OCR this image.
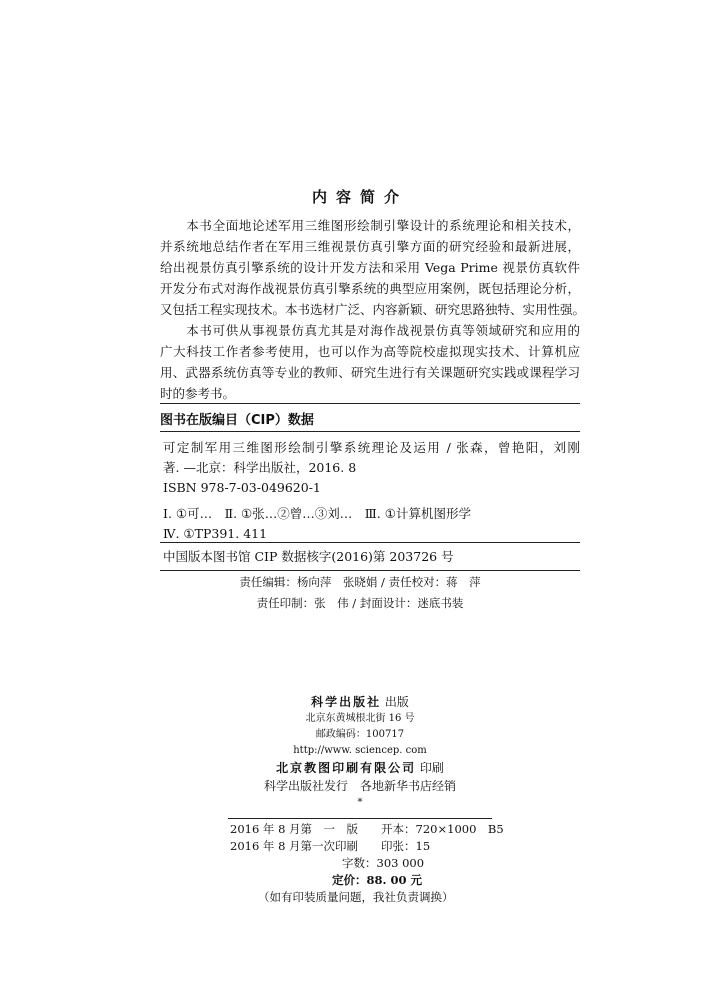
内容简介
　　本书全面地论述军用三维图形绘制引擎设计的系统理论和相关技术，
并系统地总结作者在军用三维视景仿真引擎方面的研究经验和最新进展，
给出视景仿真引擎系统的设计开发方法和采用 Vega Prime 视景仿真软件
开发分布式对海作战视景仿真引擎系统的典型应用案例，既包括理论分析，
又包括工程实现技术。本书选材广泛、内容新颖、研究思路独特、实用性强。
　　本书可供从事视景仿真尤其是对海作战视景仿真等领域研究和应用的
广大科技工作者参考使用，也可以作为高等院校虚拟现实技术、计算机应
用、武器系统仿真等专业的教师、研究生进行有关课题研究实践或课程学习
时的参考书。
图书在版编目（CIP）数据
可定制军用三维图形绘制引擎系统理论及运用 / 张森，曾艳阳，刘刚
著. —北京：科学出版社，2016. 8
ISBN 978-7-03-049620-1
Ⅰ. ①可…　Ⅱ. ①张…②曾…③刘…　Ⅲ. ①计算机图形学
Ⅳ. ①TP391. 411
中国版本图书馆 CIP 数据核字(2016)第 203726 号
责任编辑：杨向萍　张晓娟 / 责任校对：蒋　萍
责任印制：张　伟 / 封面设计：迷底书装
科学出版社 出版
北京东黄城根北街 16 号
邮政编码：100717
http://www. sciencep. com
北京教图印刷有限公司 印刷
科学出版社发行　各地新华书店经销
*
2016 年 8 月第　一　版　　开本：720×1000　B5
2016 年 8 月第一次印刷　　印张：15
字数：303 000
定价：88. 00 元
（如有印装质量问题，我社负责调换）
